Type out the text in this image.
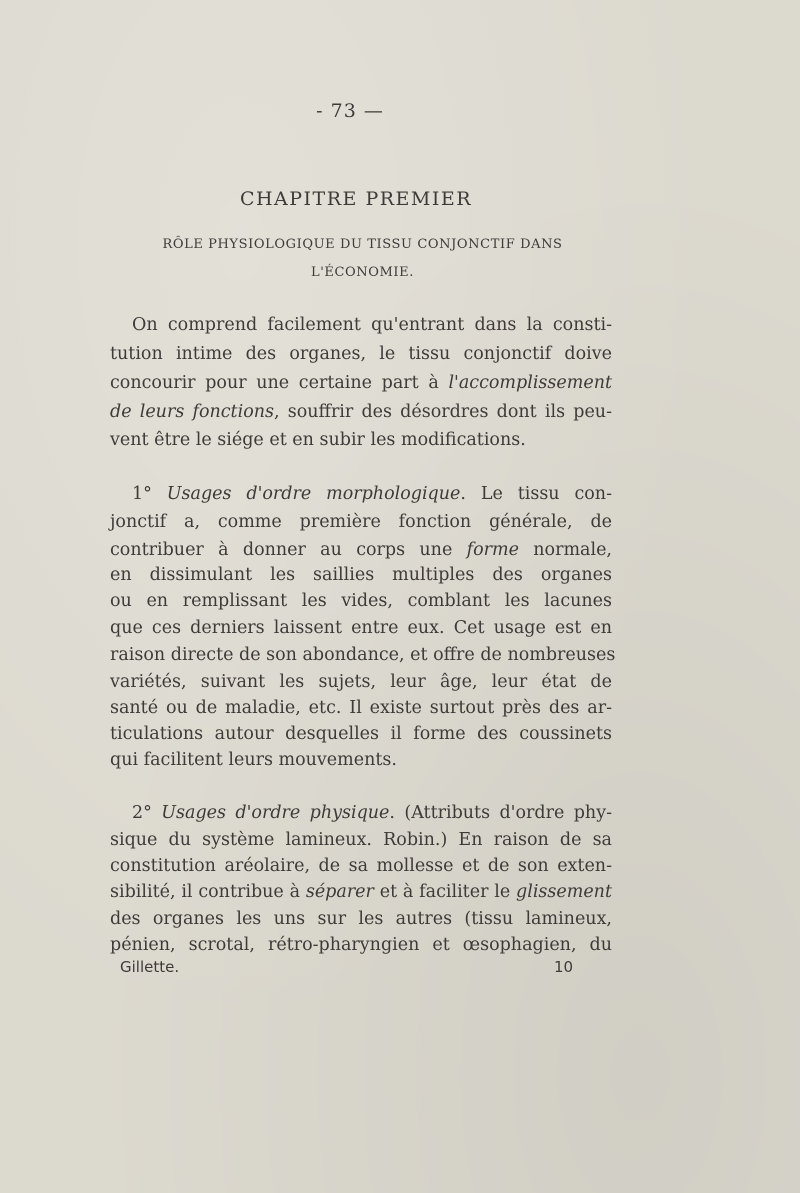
- 73 —
CHAPITRE PREMIER
RÔLE PHYSIOLOGIQUE DU TISSU CONJONCTIF DANS
L'ÉCONOMIE.
On comprend facilement qu'entrant dans la consti-
tution intime des organes, le tissu conjonctif doive
concourir pour une certaine part à l'accomplissement
de leurs fonctions, souffrir des désordres dont ils peu-
vent être le siége et en subir les modifications.
1° Usages d'ordre morphologique. Le tissu con-
jonctif a, comme première fonction générale, de
contribuer à donner au corps une forme normale,
en dissimulant les saillies multiples des organes
ou en remplissant les vides, comblant les lacunes
que ces derniers laissent entre eux. Cet usage est en
raison directe de son abondance, et offre de nombreuses
variétés, suivant les sujets, leur âge, leur état de
santé ou de maladie, etc. Il existe surtout près des ar-
ticulations autour desquelles il forme des coussinets
qui facilitent leurs mouvements.
2° Usages d'ordre physique. (Attributs d'ordre phy-
sique du système lamineux. Robin.) En raison de sa
constitution aréolaire, de sa mollesse et de son exten-
sibilité, il contribue à séparer et à faciliter le glissement
des organes les uns sur les autres (tissu lamineux,
pénien, scrotal, rétro-pharyngien et œsophagien, du
Gillette.	10
